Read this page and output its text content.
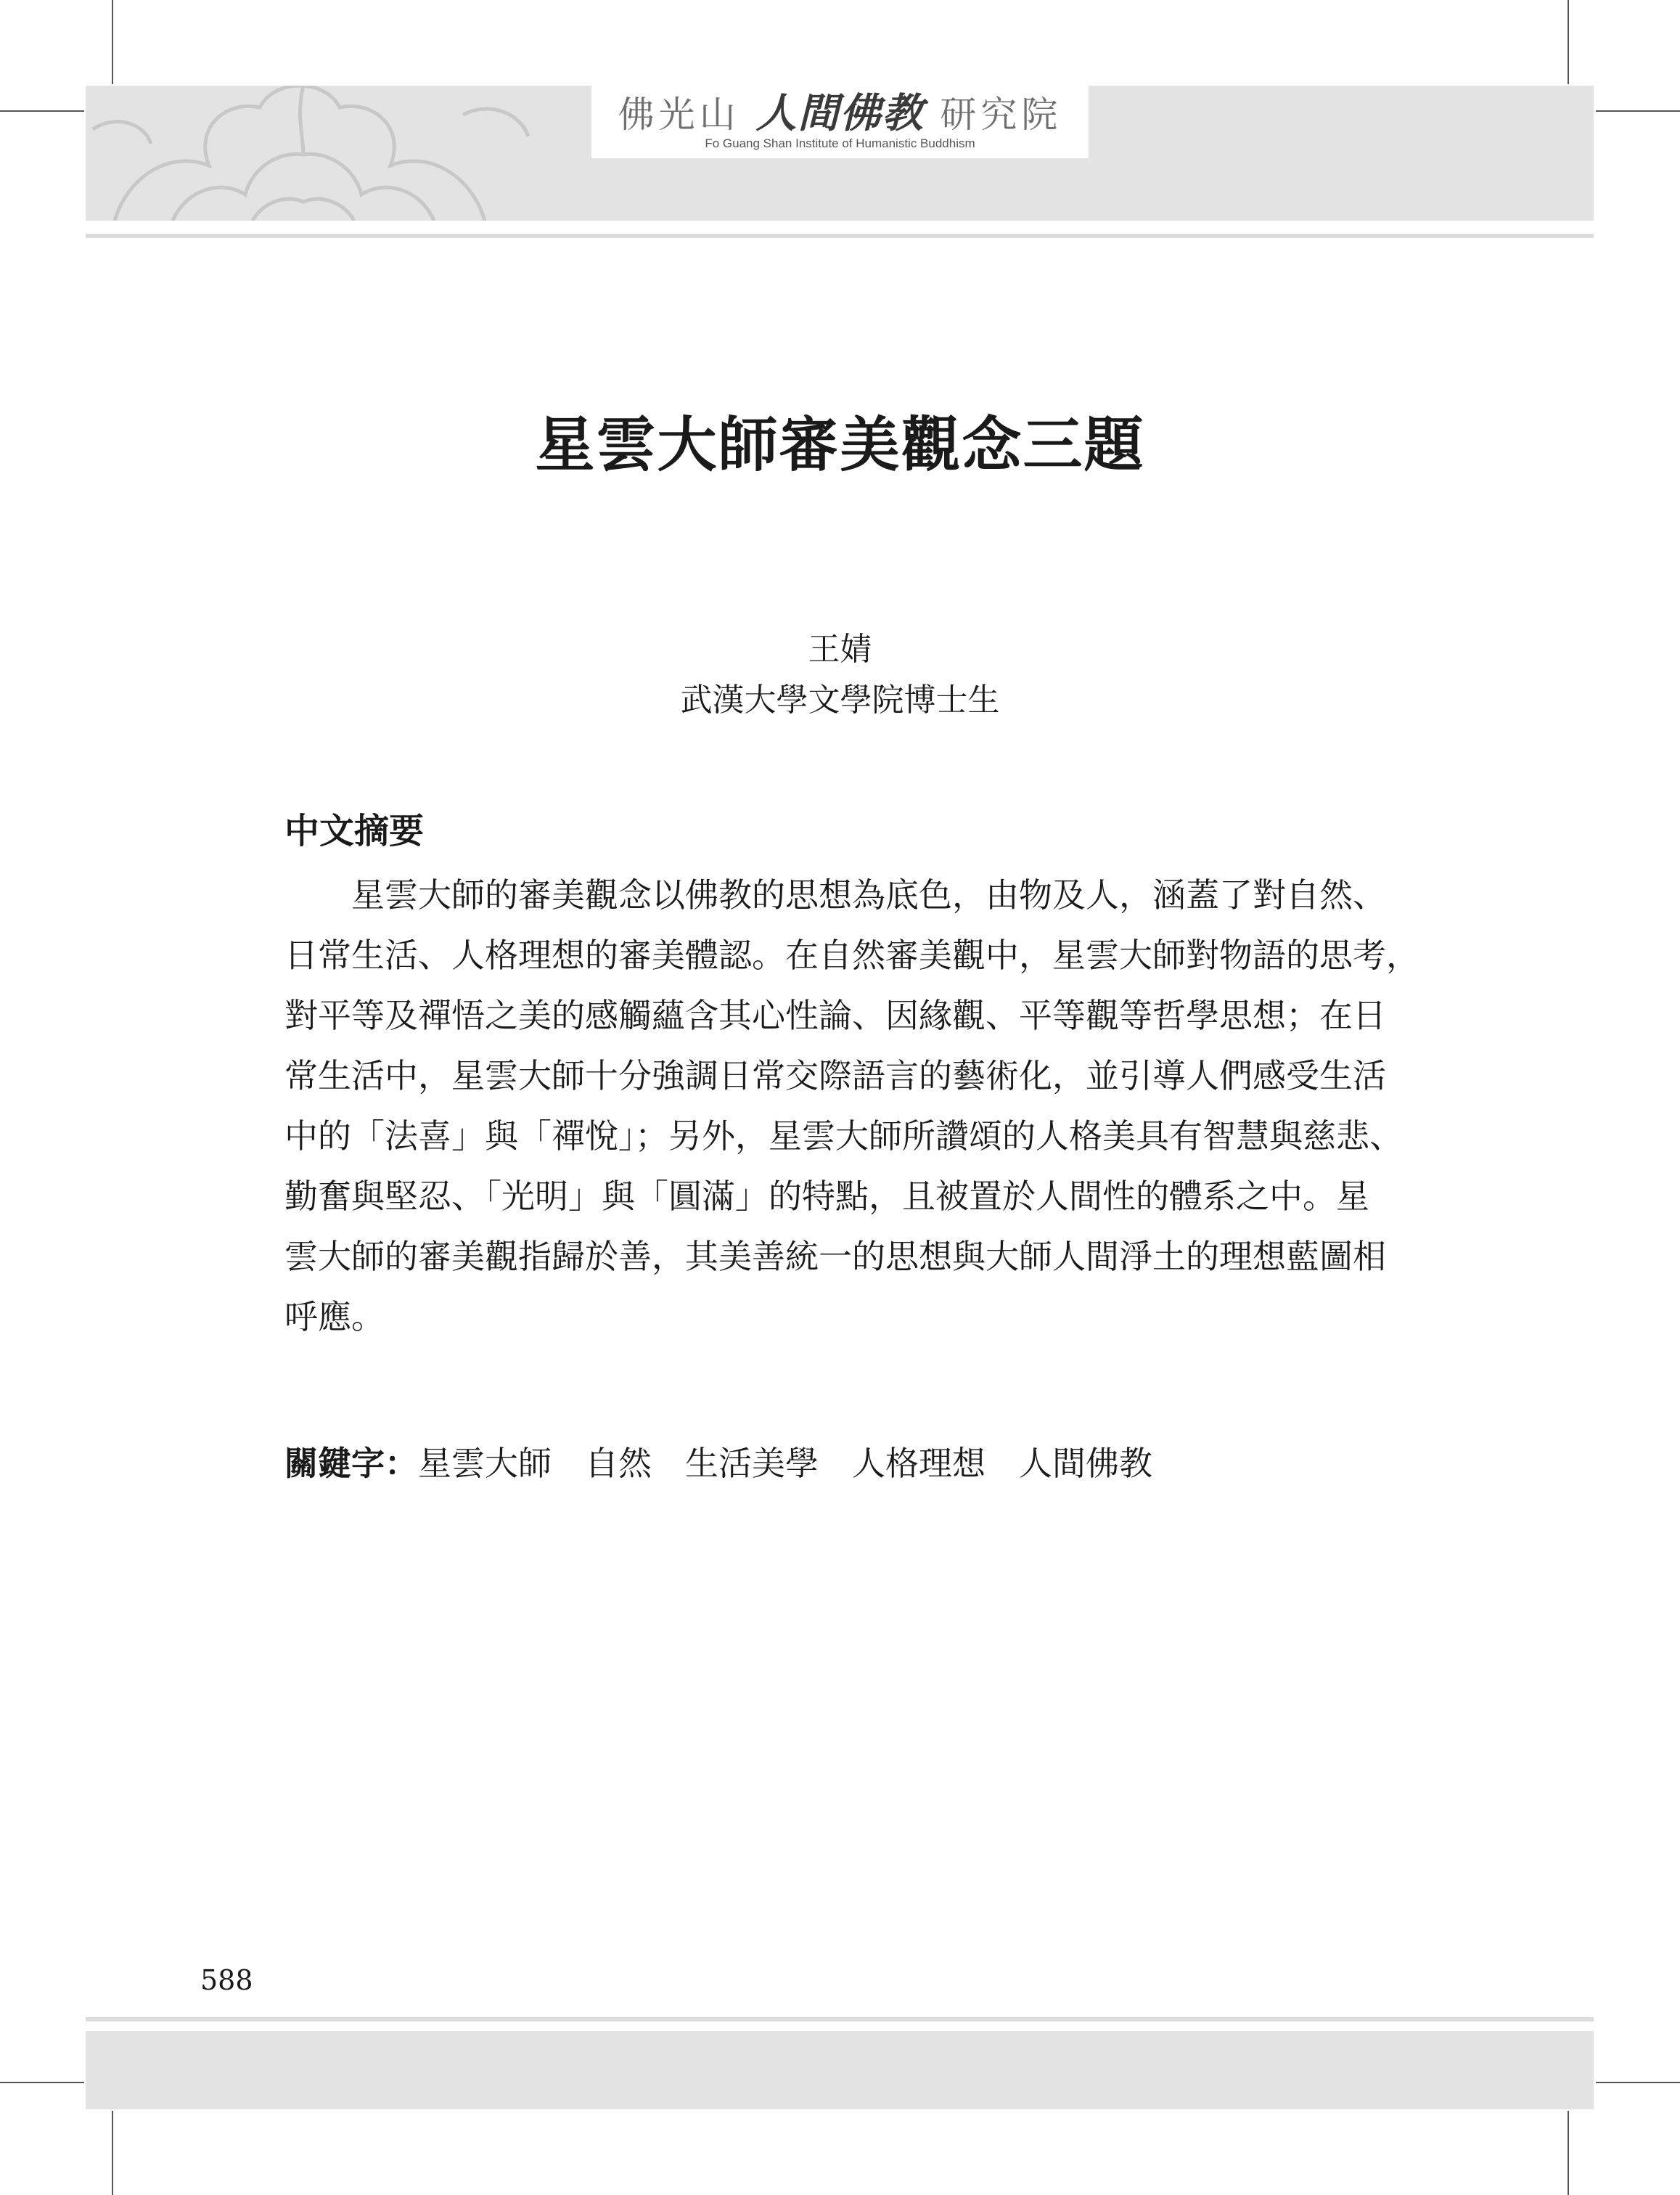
佛光山 人間佛教 研究院
Fo Guang Shan Institute of Humanistic Buddhism
星雲大師審美觀念三題
王婧
武漢大學文學院博士生
中文摘要
星雲大師的審美觀念以佛教的思想為底色，由物及人，涵蓋了對自然、
日常生活、人格理想的審美體認。在自然審美觀中，星雲大師對物語的思考，
對平等及禪悟之美的感觸蘊含其心性論、因緣觀、平等觀等哲學思想；在日
常生活中，星雲大師十分強調日常交際語言的藝術化，並引導人們感受生活
中的「法喜」與「禪悅」；另外，星雲大師所讚頌的人格美具有智慧與慈悲、
勤奮與堅忍、「光明」與「圓滿」的特點，且被置於人間性的體系之中。星
雲大師的審美觀指歸於善，其美善統一的思想與大師人間淨土的理想藍圖相
呼應。
關鍵字：星雲大師 自然 生活美學 人格理想 人間佛教
588
